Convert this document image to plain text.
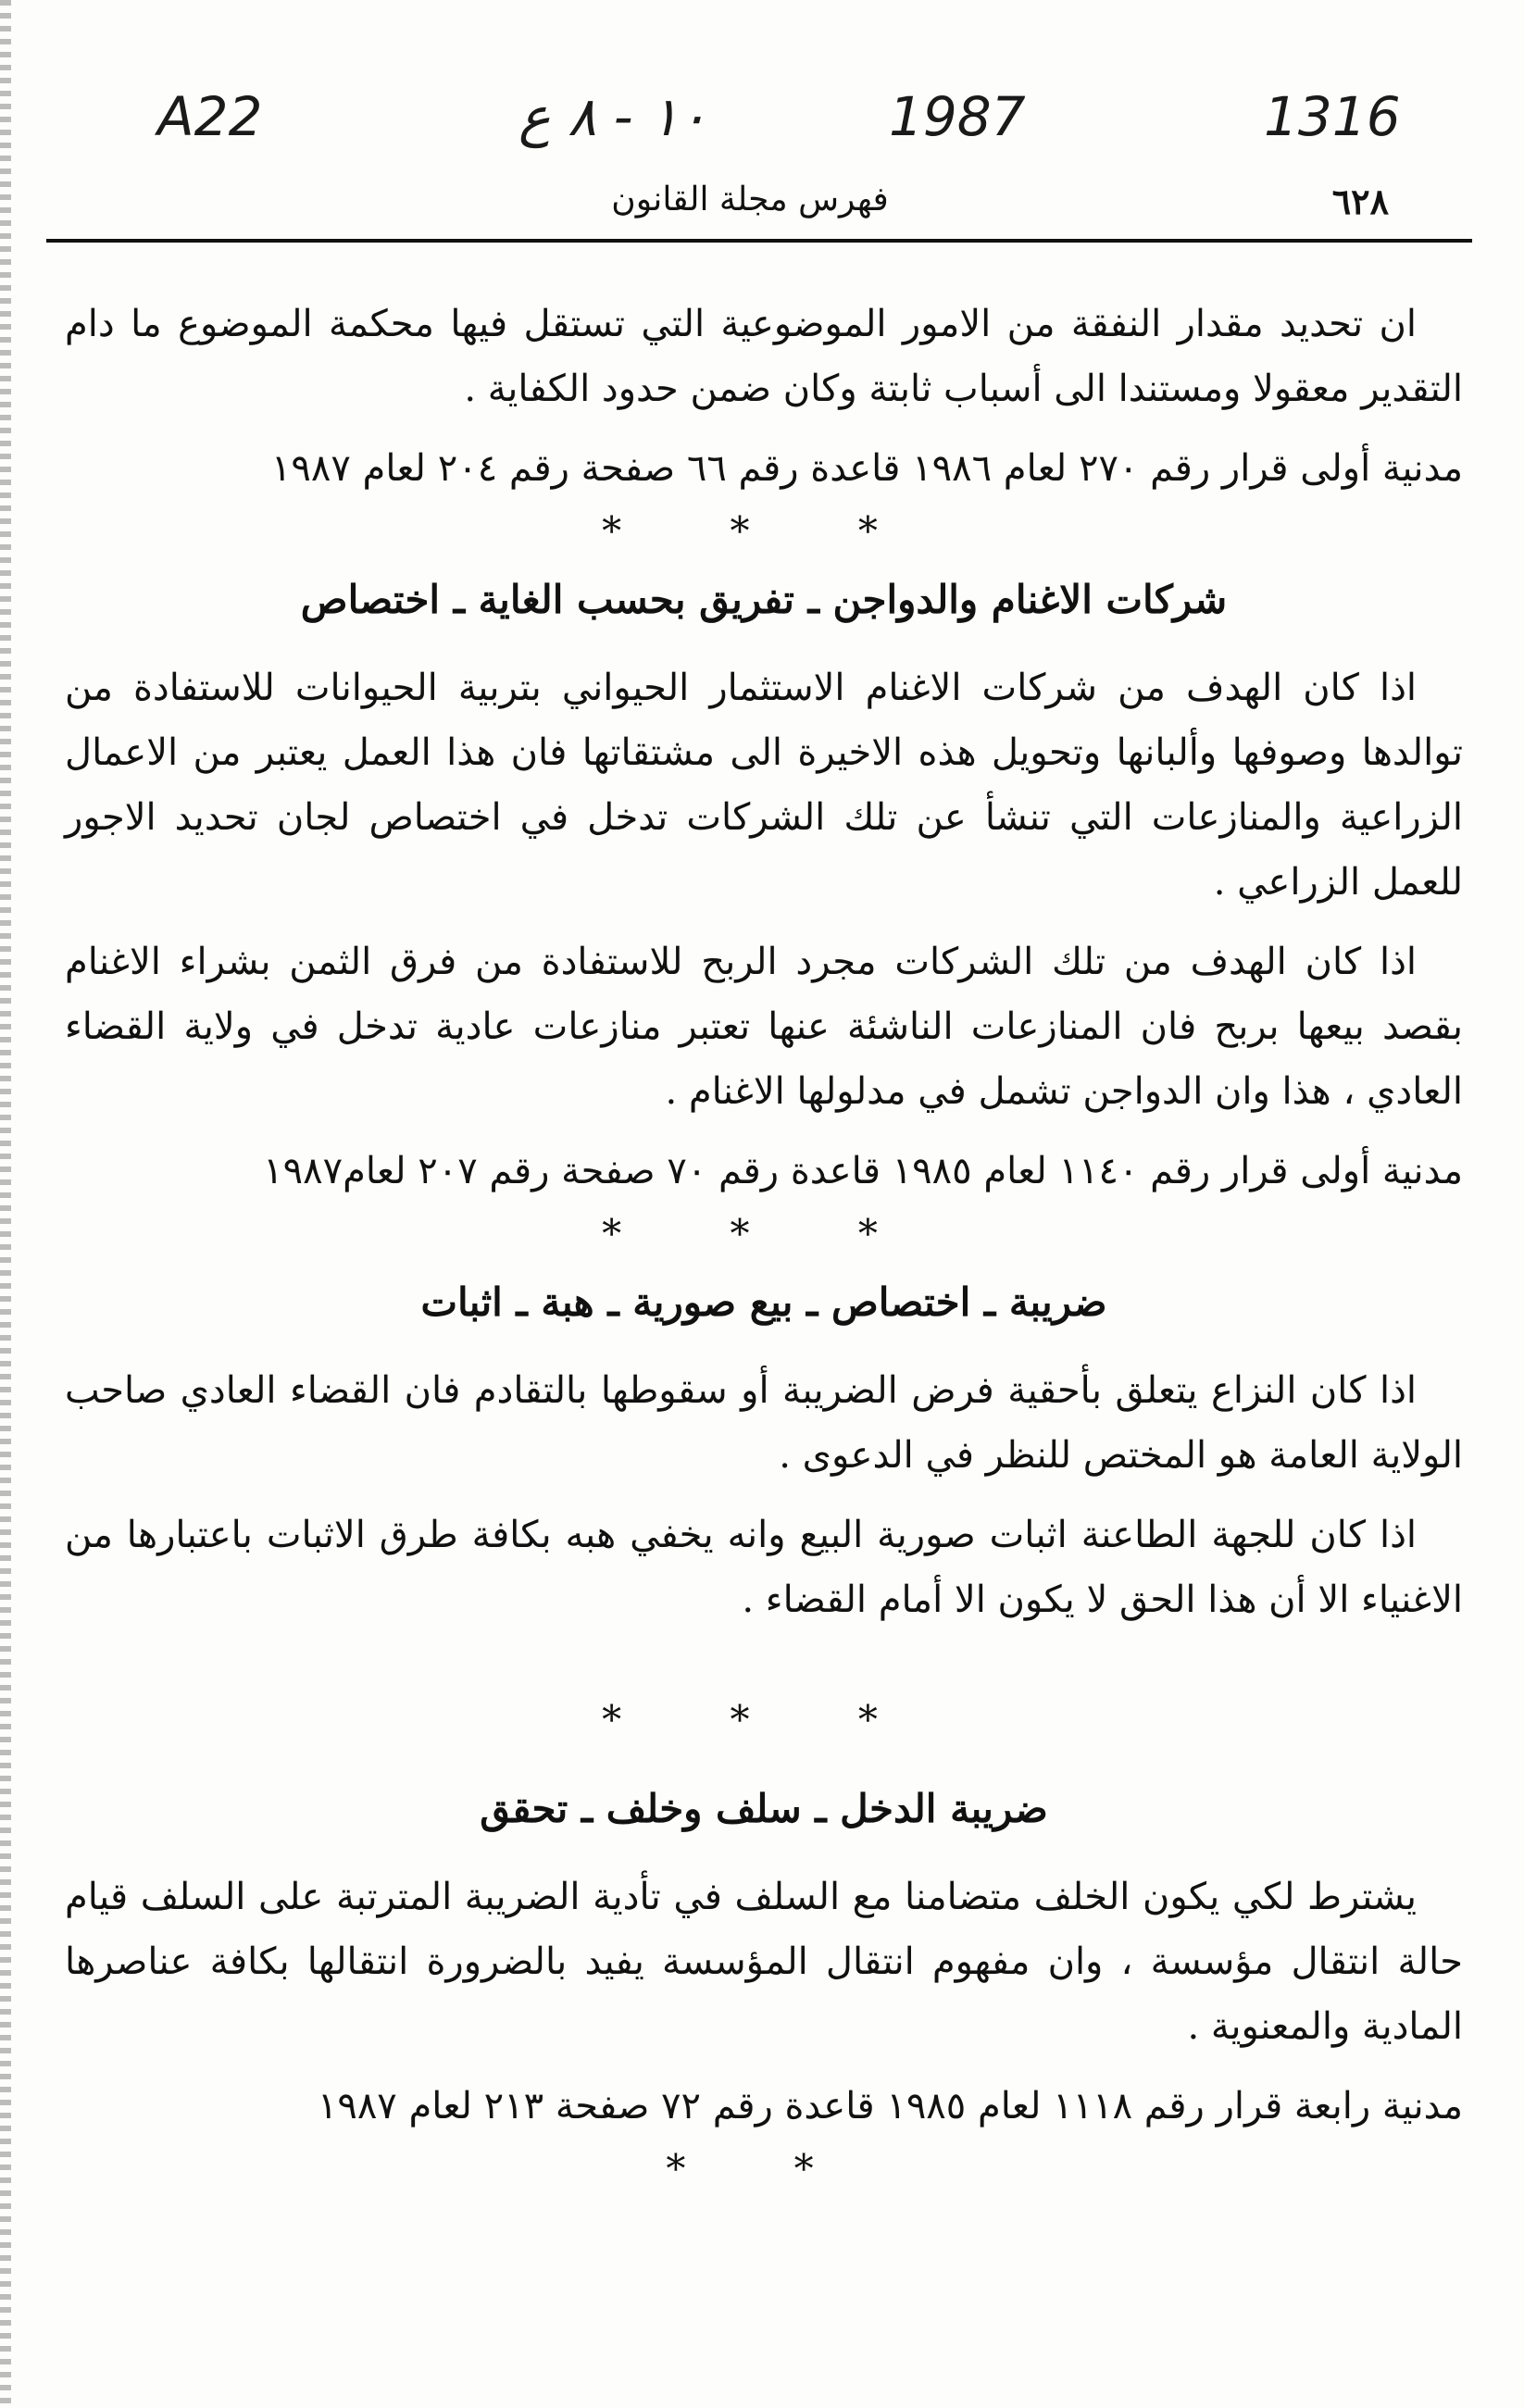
A22	١٠ - ٨ ع	1987	1316
٦٢٨
فهرس مجلة القانون

ان تحديد مقدار النفقة من الامور الموضوعية التي تستقل فيها محكمة الموضوع ما دام التقدير معقولا ومستندا الى أسباب ثابتة وكان ضمن حدود الكفاية .

مدنية أولى قرار رقم ٢٧٠ لعام ١٩٨٦ قاعدة رقم ٦٦ صفحة رقم ٢٠٤ لعام ١٩٨٧

* * *
شركات الاغنام والدواجن ـ تفريق بحسب الغاية ـ اختصاص

اذا كان الهدف من شركات الاغنام الاستثمار الحيواني بتربية الحيوانات للاستفادة من توالدها وصوفها وألبانها وتحويل هذه الاخيرة الى مشتقاتها فان هذا العمل يعتبر من الاعمال الزراعية والمنازعات التي تنشأ عن تلك الشركات تدخل في اختصاص لجان تحديد الاجور للعمل الزراعي .

اذا كان الهدف من تلك الشركات مجرد الربح للاستفادة من فرق الثمن بشراء الاغنام بقصد بيعها بربح فان المنازعات الناشئة عنها تعتبر منازعات عادية تدخل في ولاية القضاء العادي ، هذا وان الدواجن تشمل في مدلولها الاغنام .

مدنية أولى قرار رقم ١١٤٠ لعام ١٩٨٥ قاعدة رقم ٧٠ صفحة رقم ٢٠٧ لعام١٩٨٧

* * *
ضريبة ـ اختصاص ـ بيع صورية ـ هبة ـ اثبات

اذا كان النزاع يتعلق بأحقية فرض الضريبة أو سقوطها بالتقادم فان القضاء العادي صاحب الولاية العامة هو المختص للنظر في الدعوى .

اذا كان للجهة الطاعنة اثبات صورية البيع وانه يخفي هبه بكافة طرق الاثبات باعتبارها من الاغنياء الا أن هذا الحق لا يكون الا أمام القضاء .

* * *
ضريبة الدخل ـ سلف وخلف ـ تحقق

يشترط لكي يكون الخلف متضامنا مع السلف في تأدية الضريبة المترتبة على السلف قيام حالة انتقال مؤسسة ، وان مفهوم انتقال المؤسسة يفيد بالضرورة انتقالها بكافة عناصرها المادية والمعنوية .

مدنية رابعة قرار رقم ١١١٨ لعام ١٩٨٥ قاعدة رقم ٧٢ صفحة ٢١٣ لعام ١٩٨٧

* *
